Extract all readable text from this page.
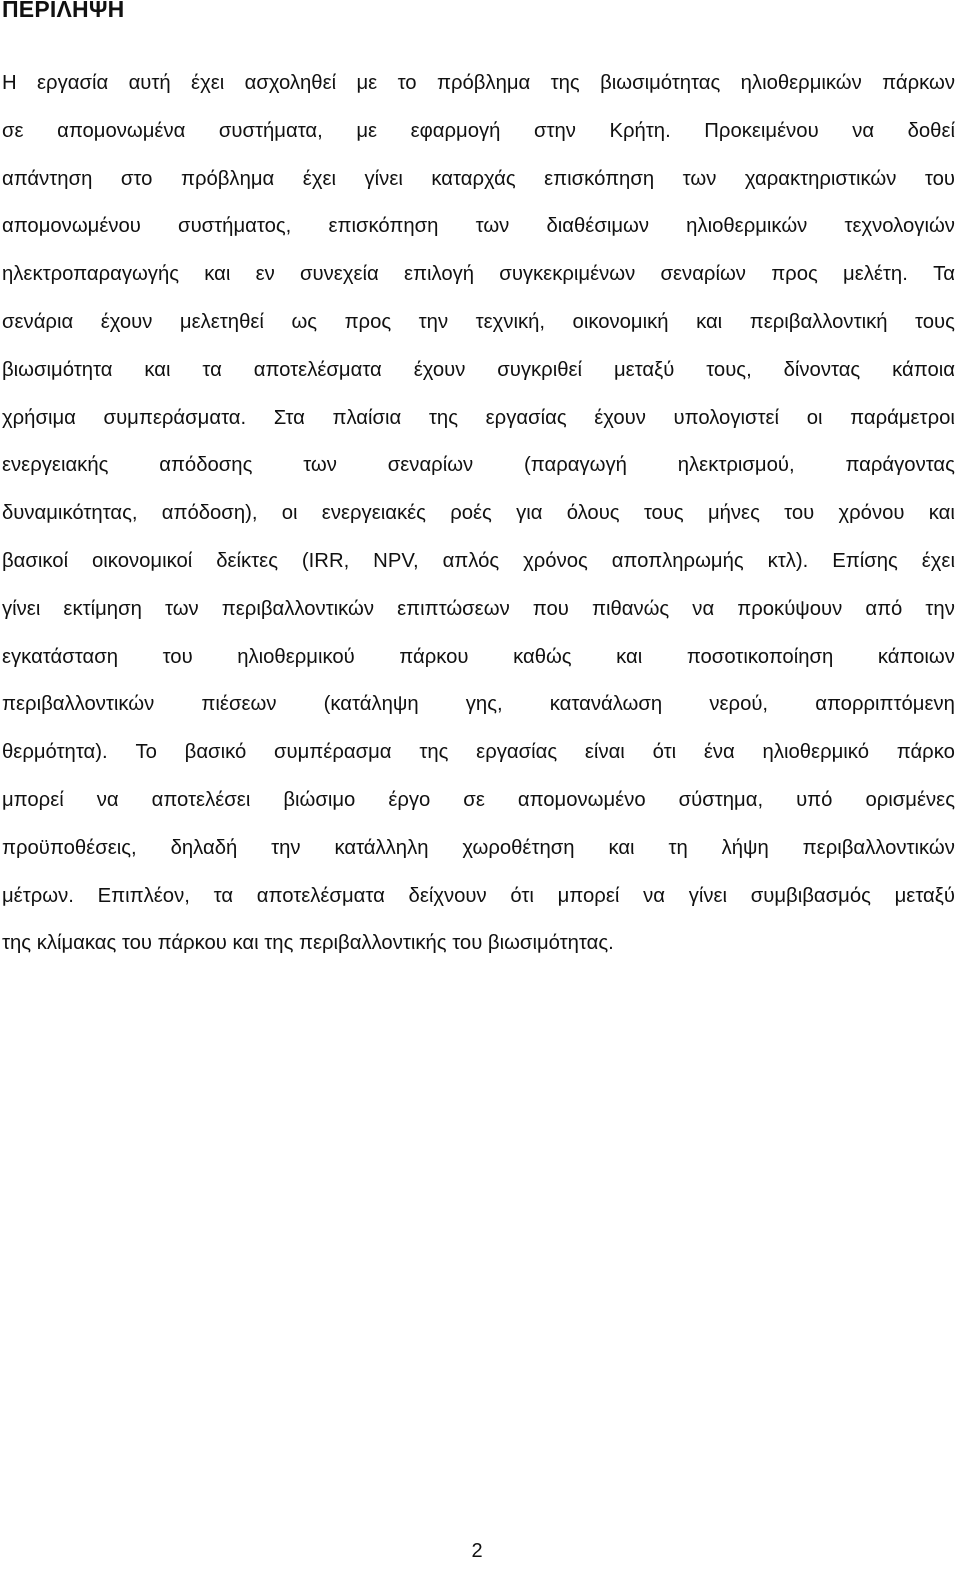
ΠΕΡΙΛΗΨΗ
Η εργασία αυτή έχει ασχοληθεί με το πρόβλημα της βιωσιμότητας ηλιοθερμικών πάρκων
σε απομονωμένα συστήματα, με εφαρμογή στην Κρήτη. Προκειμένου να δοθεί
απάντηση στο πρόβλημα έχει γίνει καταρχάς επισκόπηση των χαρακτηριστικών του
απομονωμένου συστήματος, επισκόπηση των διαθέσιμων ηλιοθερμικών τεχνολογιών
ηλεκτροπαραγωγής και εν συνεχεία επιλογή συγκεκριμένων σεναρίων προς μελέτη. Τα
σενάρια έχουν μελετηθεί ως προς την τεχνική, οικονομική και περιβαλλοντική τους
βιωσιμότητα και τα αποτελέσματα έχουν συγκριθεί μεταξύ τους, δίνοντας κάποια
χρήσιμα συμπεράσματα. Στα πλαίσια της εργασίας έχουν υπολογιστεί οι παράμετροι
ενεργειακής	απόδοσης	των	σεναρίων	(παραγωγή	ηλεκτρισμού,	παράγοντας
δυναμικότητας, απόδοση), οι ενεργειακές ροές για όλους τους μήνες του χρόνου και
βασικοί οικονομικοί δείκτες (IRR, NPV, απλός χρόνος αποπληρωμής κτλ). Επίσης έχει
γίνει εκτίμηση των περιβαλλοντικών επιπτώσεων που πιθανώς να προκύψουν από την
εγκατάσταση του ηλιοθερμικού πάρκου καθώς και ποσοτικοποίηση κάποιων
περιβαλλοντικών πιέσεων (κατάληψη γης, κατανάλωση νερού, απορριπτόμενη
θερμότητα). Το βασικό συμπέρασμα της εργασίας είναι ότι ένα ηλιοθερμικό πάρκο
μπορεί να αποτελέσει βιώσιμο έργο σε απομονωμένο σύστημα, υπό ορισμένες
προϋποθέσεις, δηλαδή την κατάλληλη χωροθέτηση και τη λήψη περιβαλλοντικών
μέτρων. Επιπλέον, τα αποτελέσματα δείχνουν ότι μπορεί να γίνει συμβιβασμός μεταξύ
της κλίμακας του πάρκου και της περιβαλλοντικής του βιωσιμότητας.
2
